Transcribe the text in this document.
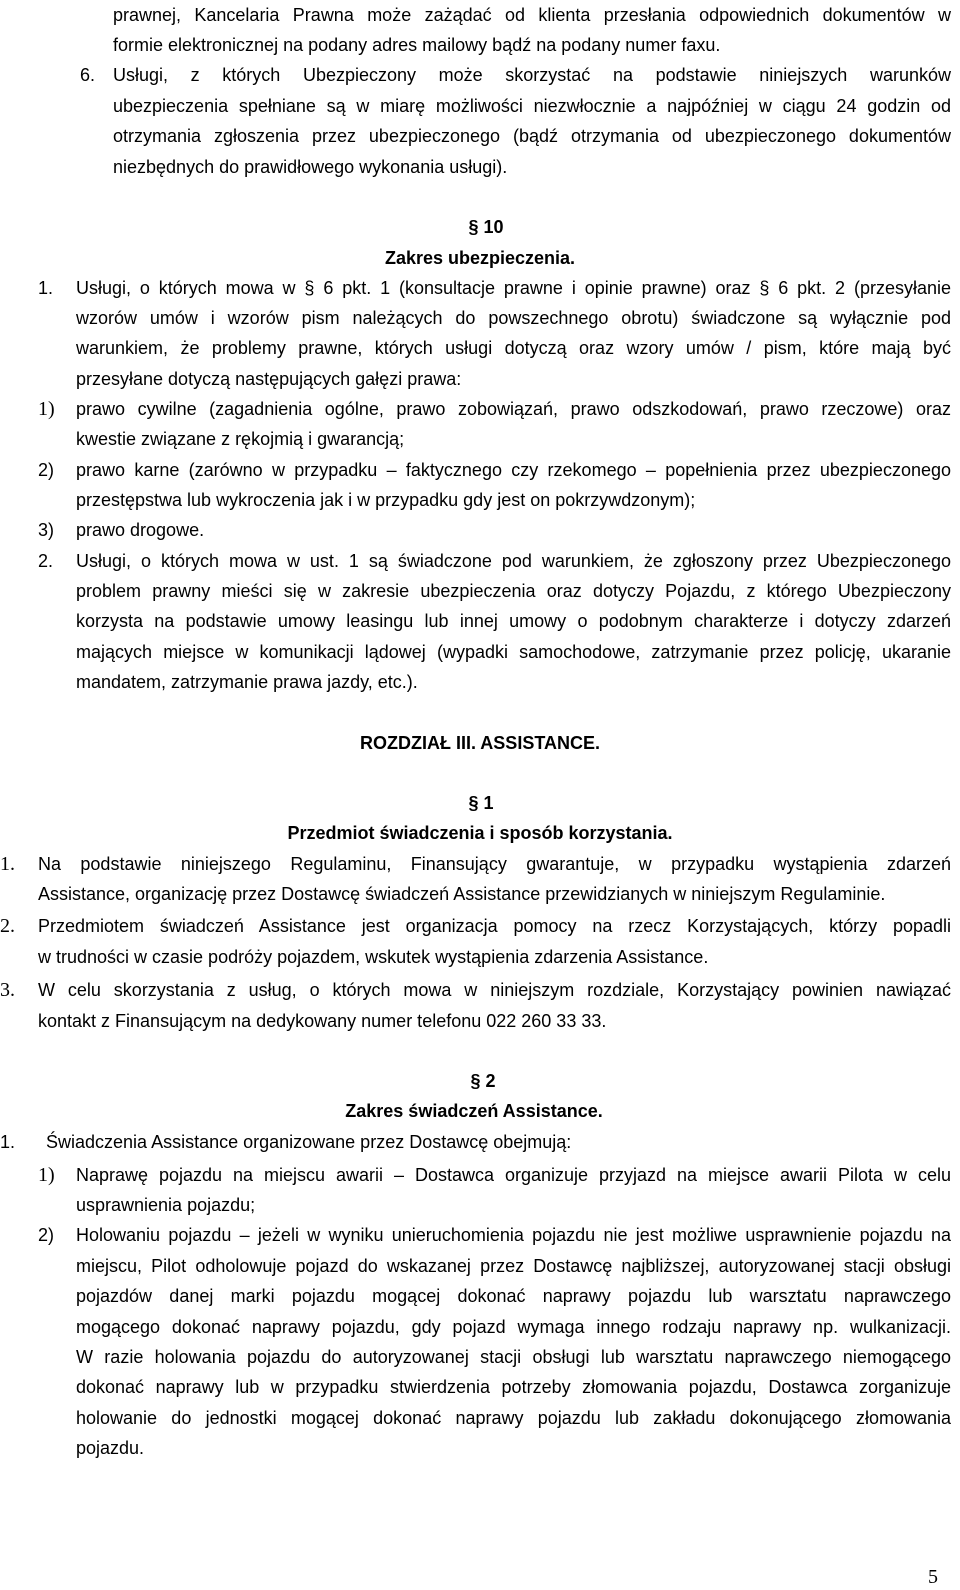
prawnej, Kancelaria Prawna może zażądać od klienta przesłania odpowiednich dokumentów w

formie elektronicznej na podany adres mailowy bądź na podany numer faxu.

6. Usługi, z których Ubezpieczony może skorzystać na podstawie niniejszych warunków

ubezpieczenia spełniane są w miarę możliwości niezwłocznie a najpóźniej w ciągu 24 godzin od

otrzymania zgłoszenia przez ubezpieczonego (bądź otrzymania od ubezpieczonego dokumentów

niezbędnych do prawidłowego wykonania usługi).

§ 10

Zakres ubezpieczenia.

1. Usługi, o których mowa w § 6 pkt. 1 (konsultacje prawne i opinie prawne) oraz § 6 pkt. 2 (przesyłanie

wzorów umów i wzorów pism należących do powszechnego obrotu) świadczone są wyłącznie pod

warunkiem, że problemy prawne, których usługi dotyczą oraz wzory umów / pism, które mają być

przesyłane dotyczą następujących gałęzi prawa:

1) prawo cywilne (zagadnienia ogólne, prawo zobowiązań, prawo odszkodowań, prawo rzeczowe) oraz

kwestie związane z rękojmią i gwarancją;

2) prawo karne (zarówno w przypadku – faktycznego czy rzekomego – popełnienia przez ubezpieczonego

przestępstwa lub wykroczenia jak i w przypadku gdy jest on pokrzywdzonym);

3) prawo drogowe.

2. Usługi, o których mowa w ust. 1 są świadczone pod warunkiem, że zgłoszony przez Ubezpieczonego

problem prawny mieści się w zakresie ubezpieczenia oraz dotyczy Pojazdu, z którego Ubezpieczony

korzysta na podstawie umowy leasingu lub innej umowy o podobnym charakterze i dotyczy zdarzeń

mających miejsce w komunikacji lądowej (wypadki samochodowe, zatrzymanie przez policję, ukaranie

mandatem, zatrzymanie prawa jazdy, etc.).

ROZDZIAŁ III. ASSISTANCE.

§ 1

Przedmiot świadczenia i sposób korzystania.

1. Na podstawie niniejszego Regulaminu, Finansujący gwarantuje, w przypadku wystąpienia zdarzeń

Assistance, organizację przez Dostawcę świadczeń Assistance przewidzianych w niniejszym Regulaminie.

2. Przedmiotem świadczeń Assistance jest organizacja pomocy na rzecz Korzystających, którzy popadli

w trudności w czasie podróży pojazdem, wskutek wystąpienia zdarzenia Assistance.

3. W celu skorzystania z usług, o których mowa w niniejszym rozdziale, Korzystający powinien nawiązać

kontakt z Finansującym na dedykowany numer telefonu 022 260 33 33.

§ 2

Zakres świadczeń Assistance.

1. Świadczenia Assistance organizowane przez Dostawcę obejmują:

1) Naprawę pojazdu na miejscu awarii – Dostawca organizuje przyjazd na miejsce awarii Pilota w celu

usprawnienia pojazdu;

2) Holowaniu pojazdu – jeżeli w wyniku unieruchomienia pojazdu nie jest możliwe usprawnienie pojazdu na

miejscu, Pilot odholowuje pojazd do wskazanej przez Dostawcę najbliższej, autoryzowanej stacji obsługi

pojazdów danej marki pojazdu mogącej dokonać naprawy pojazdu lub warsztatu naprawczego

mogącego dokonać naprawy pojazdu, gdy pojazd wymaga innego rodzaju naprawy np. wulkanizacji.

W razie holowania pojazdu do autoryzowanej stacji obsługi lub warsztatu naprawczego niemogącego

dokonać naprawy lub w przypadku stwierdzenia potrzeby złomowania pojazdu, Dostawca zorganizuje

holowanie do jednostki mogącej dokonać naprawy pojazdu lub zakładu dokonującego złomowania

pojazdu.

5
